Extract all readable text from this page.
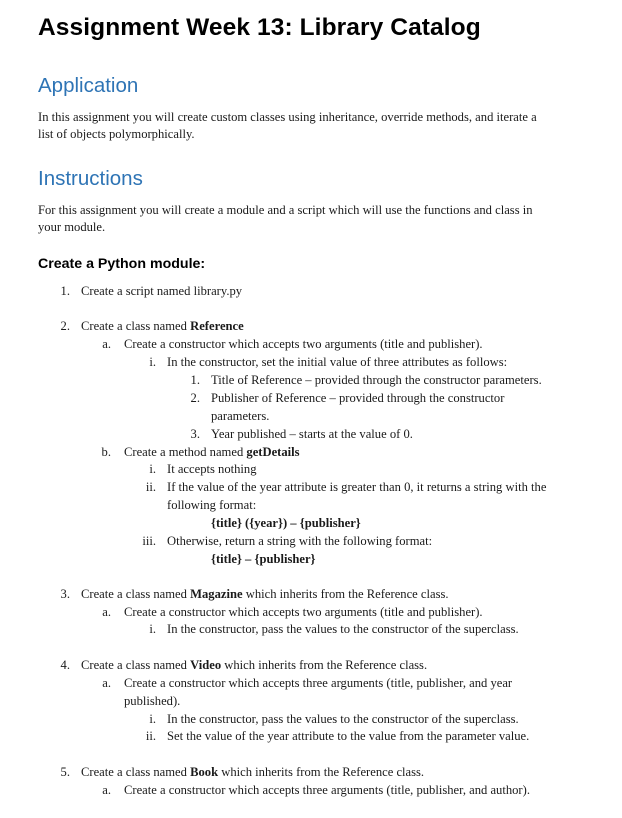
Assignment Week 13: Library Catalog
Application
In this assignment you will create custom classes using inheritance, override methods, and iterate a
list of objects polymorphically.
Instructions
For this assignment you will create a module and a script which will use the functions and class in
your module.
Create a Python module:
1. Create a script named library.py
2. Create a class named Reference
a. Create a constructor which accepts two arguments (title and publisher).
i. In the constructor, set the initial value of three attributes as follows:
1. Title of Reference – provided through the constructor parameters.
2. Publisher of Reference – provided through the constructor
parameters.
3. Year published – starts at the value of 0.
b. Create a method named getDetails
i. It accepts nothing
ii. If the value of the year attribute is greater than 0, it returns a string with the
following format:
{title} ({year}) – {publisher}
iii. Otherwise, return a string with the following format:
{title} – {publisher}
3. Create a class named Magazine which inherits from the Reference class.
a. Create a constructor which accepts two arguments (title and publisher).
i. In the constructor, pass the values to the constructor of the superclass.
4. Create a class named Video which inherits from the Reference class.
a. Create a constructor which accepts three arguments (title, publisher, and year
published).
i. In the constructor, pass the values to the constructor of the superclass.
ii. Set the value of the year attribute to the value from the parameter value.
5. Create a class named Book which inherits from the Reference class.
a. Create a constructor which accepts three arguments (title, publisher, and author).
